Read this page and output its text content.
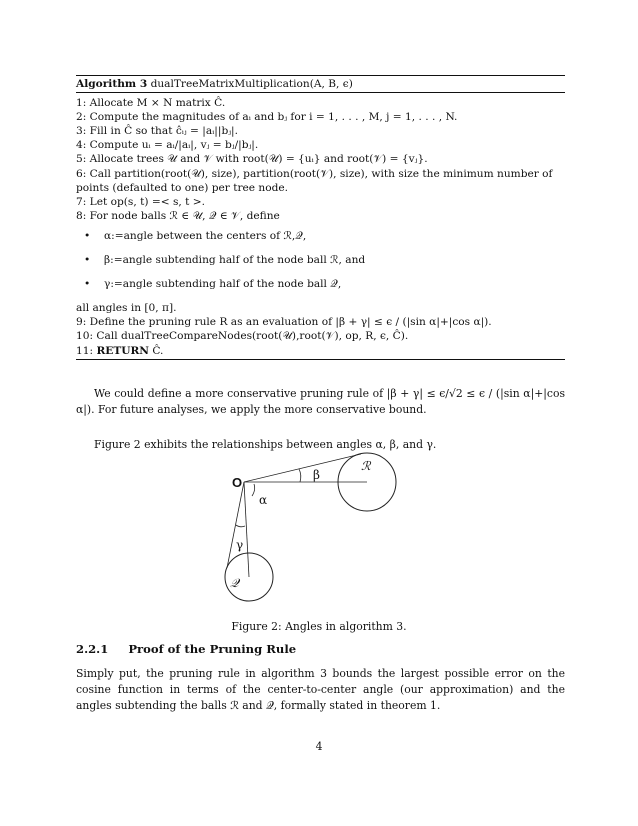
Algorithm 3 dualTreeMatrixMultiplication(A, B, ϵ)
1: Allocate M × N matrix Ĉ.
2: Compute the magnitudes of aᵢ and bⱼ for i = 1, . . . , M, j = 1, . . . , N.
3: Fill in Ĉ so that ĉᵢⱼ = |aᵢ||bⱼ|.
4: Compute uᵢ = aᵢ/|aᵢ|, vⱼ = bⱼ/|bⱼ|.
5: Allocate trees 𝒰 and 𝒱 with root(𝒰) = {uᵢ} and root(𝒱) = {vⱼ}.
6: Call partition(root(𝒰), size), partition(root(𝒱), size), with size the minimum number of points (defaulted to one) per tree node.
7: Let op(s, t) =< s, t >.
8: For node balls ℛ ∈ 𝒰, 𝒬 ∈ 𝒱, define
• α:=angle between the centers of ℛ,𝒬,
• β:=angle subtending half of the node ball ℛ, and
• γ:=angle subtending half of the node ball 𝒬,
all angles in [0, π].
9: Define the pruning rule R as an evaluation of |β + γ| ≤ ϵ / (|sin α|+|cos α|).
10: Call dualTreeCompareNodes(root(𝒰),root(𝒱), op, R, ϵ, Ĉ).
11: RETURN Ĉ.
We could define a more conservative pruning rule of |β + γ| ≤ ϵ/√2 ≤ ϵ / (|sin α|+|cos α|). For future analyses, we apply the more conservative bound.
Figure 2 exhibits the relationships between angles α, β, and γ.
O	β
ℛ
α
γ
𝒬
Figure 2: Angles in algorithm 3.
2.2.1 Proof of the Pruning Rule
Simply put, the pruning rule in algorithm 3 bounds the largest possible error on the cosine function in terms of the center-to-center angle (our approximation) and the angles subtending the balls ℛ and 𝒬, formally stated in theorem 1.
4
